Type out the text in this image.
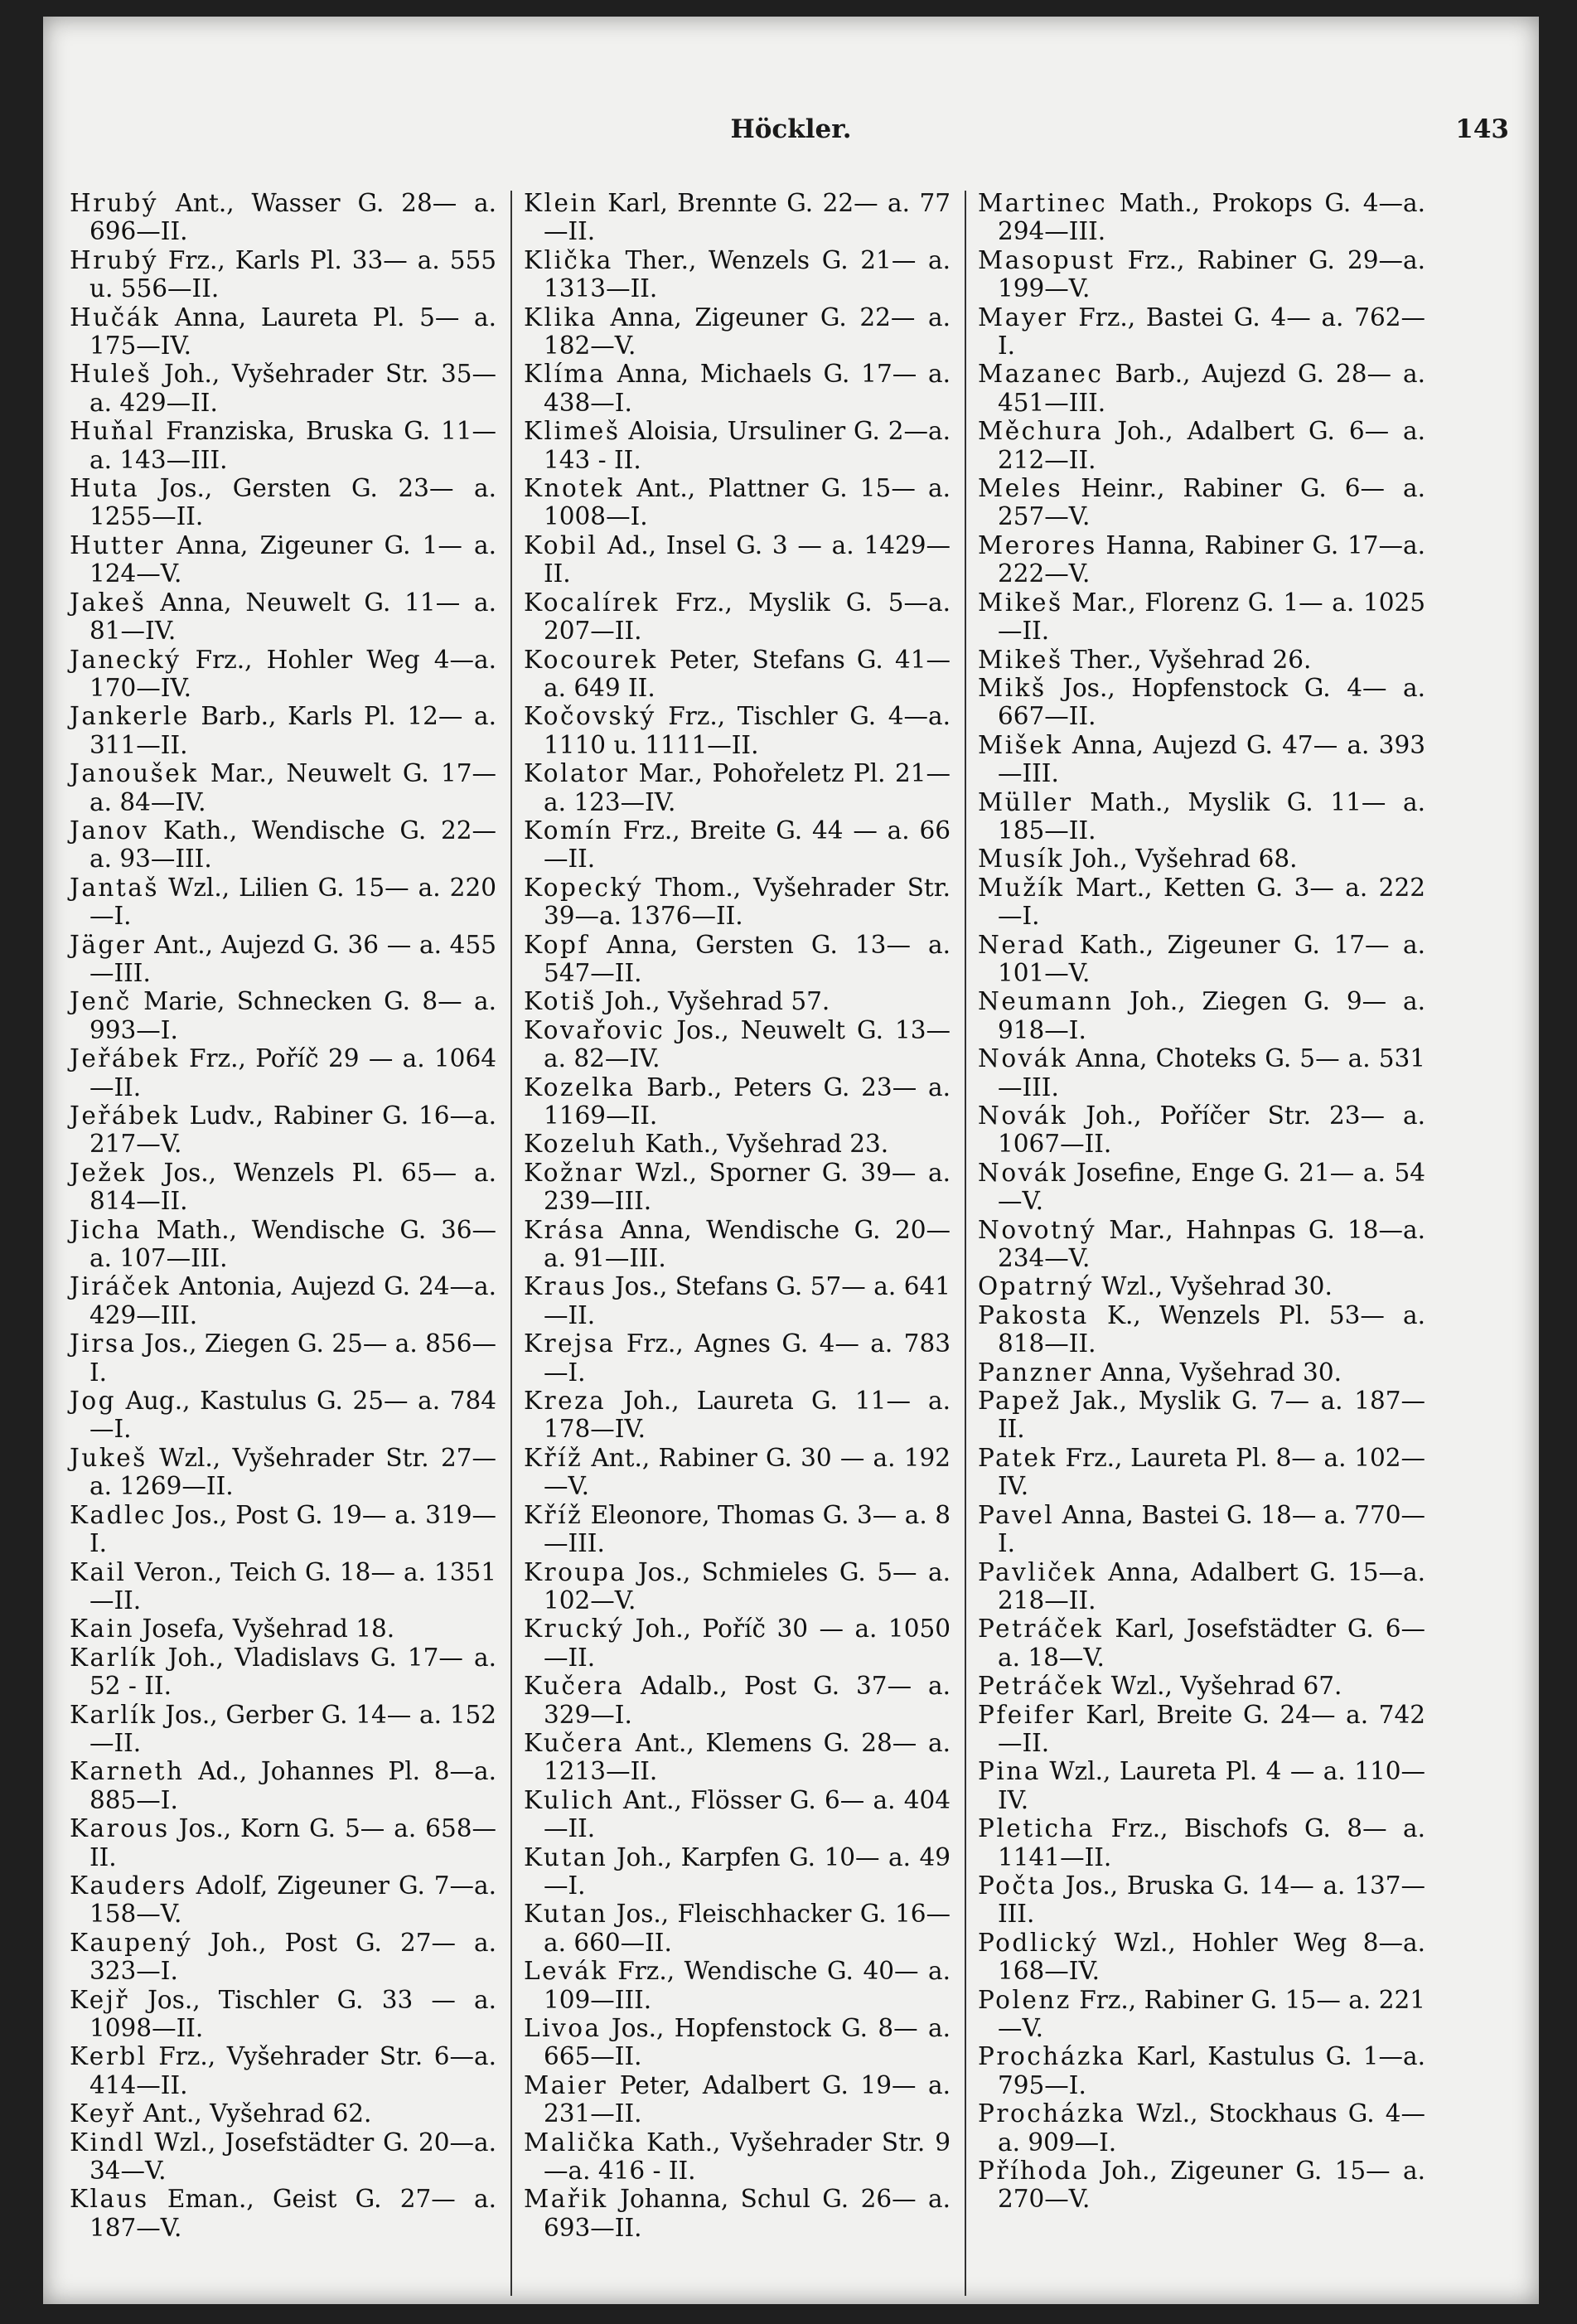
Höckler.	143

Hrubý Ant., Wasser G. 28— a. 696—II.

Hrubý Frz., Karls Pl. 33— a. 555 u. 556—II.

Hučák Anna, Laureta Pl. 5— a. 175—IV.

Huleš Joh., Vyšehrader Str. 35—a. 429—II.

Huňal Franziska, Bruska G. 11—a. 143—III.

Huta Jos., Gersten G. 23— a. 1255—II.

Hutter Anna, Zigeuner G. 1— a. 124—V.

Jakeš Anna, Neuwelt G. 11— a. 81—IV.

Janecký Frz., Hohler Weg 4—a. 170—IV.

Jankerle Barb., Karls Pl. 12— a. 311—II.

Janoušek Mar., Neuwelt G. 17—a. 84—IV.

Janov Kath., Wendische G. 22— a. 93—III.

Jantaš Wzl., Lilien G. 15— a. 220—I.

Jäger Ant., Aujezd G. 36 — a. 455—III.

Jenč Marie, Schnecken G. 8— a. 993—I.

Jeřábek Frz., Poříč 29 — a. 1064—II.

Jeřábek Ludv., Rabiner G. 16—a. 217—V.

Ježek Jos., Wenzels Pl. 65— a. 814—II.

Jicha Math., Wendische G. 36— a. 107—III.

Jiráček Antonia, Aujezd G. 24—a. 429—III.

Jirsa Jos., Ziegen G. 25— a. 856—I.

Jog Aug., Kastulus G. 25— a. 784—I.

Jukeš Wzl., Vyšehrader Str. 27—a. 1269—II.

Kadlec Jos., Post G. 19— a. 319—I.

Kail Veron., Teich G. 18— a. 1351—II.

Kain Josefa, Vyšehrad 18.

Karlík Joh., Vladislavs G. 17— a. 52 - II.

Karlík Jos., Gerber G. 14— a. 152—II.

Karneth Ad., Johannes Pl. 8—a. 885—I.

Karous Jos., Korn G. 5— a. 658—II.

Kauders Adolf, Zigeuner G. 7—a. 158—V.

Kaupený Joh., Post G. 27— a. 323—I.

Kejř Jos., Tischler G. 33 — a. 1098—II.

Kerbl Frz., Vyšehrader Str. 6—a. 414—II.

Keyř Ant., Vyšehrad 62.

Kindl Wzl., Josefstädter G. 20—a. 34—V.

Klaus Eman., Geist G. 27— a. 187—V.

Klein Karl, Brennte G. 22— a. 77—II.

Klička Ther., Wenzels G. 21— a. 1313—II.

Klika Anna, Zigeuner G. 22— a. 182—V.

Klíma Anna, Michaels G. 17— a. 438—I.

Klimeš Aloisia, Ursuliner G. 2—a. 143 - II.

Knotek Ant., Plattner G. 15— a. 1008—I.

Kobil Ad., Insel G. 3 — a. 1429—II.

Kocalírek Frz., Myslik G. 5—a. 207—II.

Kocourek Peter, Stefans G. 41—a. 649 II.

Kočovský Frz., Tischler G. 4—a. 1110 u. 1111—II.

Kolator Mar., Pohořeletz Pl. 21—a. 123—IV.

Komín Frz., Breite G. 44 — a. 66—II.

Kopecký Thom., Vyšehrader Str. 39—a. 1376—II.

Kopf Anna, Gersten G. 13— a. 547—II.

Kotiš Joh., Vyšehrad 57.

Kovařovic Jos., Neuwelt G. 13—a. 82—IV.

Kozelka Barb., Peters G. 23— a. 1169—II.

Kozeluh Kath., Vyšehrad 23.

Kožnar Wzl., Sporner G. 39— a. 239—III.

Krása Anna, Wendische G. 20— a. 91—III.

Kraus Jos., Stefans G. 57— a. 641—II.

Krejsa Frz., Agnes G. 4— a. 783—I.

Kreza Joh., Laureta G. 11— a. 178—IV.

Kříž Ant., Rabiner G. 30 — a. 192—V.

Kříž Eleonore, Thomas G. 3— a. 8—III.

Kroupa Jos., Schmieles G. 5— a. 102—V.

Krucký Joh., Poříč 30 — a. 1050—II.

Kučera Adalb., Post G. 37— a. 329—I.

Kučera Ant., Klemens G. 28— a. 1213—II.

Kulich Ant., Flösser G. 6— a. 404—II.

Kutan Joh., Karpfen G. 10— a. 49—I.

Kutan Jos., Fleischhacker G. 16—a. 660—II.

Levák Frz., Wendische G. 40— a. 109—III.

Livoa Jos., Hopfenstock G. 8— a. 665—II.

Maier Peter, Adalbert G. 19— a. 231—II.

Malička Kath., Vyšehrader Str. 9—a. 416 - II.

Mařik Johanna, Schul G. 26— a. 693—II.

Martinec Math., Prokops G. 4—a. 294—III.

Masopust Frz., Rabiner G. 29—a. 199—V.

Mayer Frz., Bastei G. 4— a. 762—I.

Mazanec Barb., Aujezd G. 28— a. 451—III.

Měchura Joh., Adalbert G. 6— a. 212—II.

Meles Heinr., Rabiner G. 6— a. 257—V.

Merores Hanna, Rabiner G. 17—a. 222—V.

Mikeš Mar., Florenz G. 1— a. 1025—II.

Mikeš Ther., Vyšehrad 26.

Mikš Jos., Hopfenstock G. 4— a. 667—II.

Mišek Anna, Aujezd G. 47— a. 393—III.

Müller Math., Myslik G. 11— a. 185—II.

Musík Joh., Vyšehrad 68.

Mužík Mart., Ketten G. 3— a. 222—I.

Nerad Kath., Zigeuner G. 17— a. 101—V.

Neumann Joh., Ziegen G. 9— a. 918—I.

Novák Anna, Choteks G. 5— a. 531—III.

Novák Joh., Poříčer Str. 23— a. 1067—II.

Novák Josefine, Enge G. 21— a. 54—V.

Novotný Mar., Hahnpas G. 18—a. 234—V.

Opatrný Wzl., Vyšehrad 30.

Pakosta K., Wenzels Pl. 53— a. 818—II.

Panzner Anna, Vyšehrad 30.

Papež Jak., Myslik G. 7— a. 187—II.

Patek Frz., Laureta Pl. 8— a. 102—IV.

Pavel Anna, Bastei G. 18— a. 770—I.

Pavliček Anna, Adalbert G. 15—a. 218—II.

Petráček Karl, Josefstädter G. 6—a. 18—V.

Petráček Wzl., Vyšehrad 67.

Pfeifer Karl, Breite G. 24— a. 742—II.

Pina Wzl., Laureta Pl. 4 — a. 110—IV.

Pleticha Frz., Bischofs G. 8— a. 1141—II.

Počta Jos., Bruska G. 14— a. 137—III.

Podlický Wzl., Hohler Weg 8—a. 168—IV.

Polenz Frz., Rabiner G. 15— a. 221—V.

Procházka Karl, Kastulus G. 1—a. 795—I.

Procházka Wzl., Stockhaus G. 4—a. 909—I.

Příhoda Joh., Zigeuner G. 15— a. 270—V.
